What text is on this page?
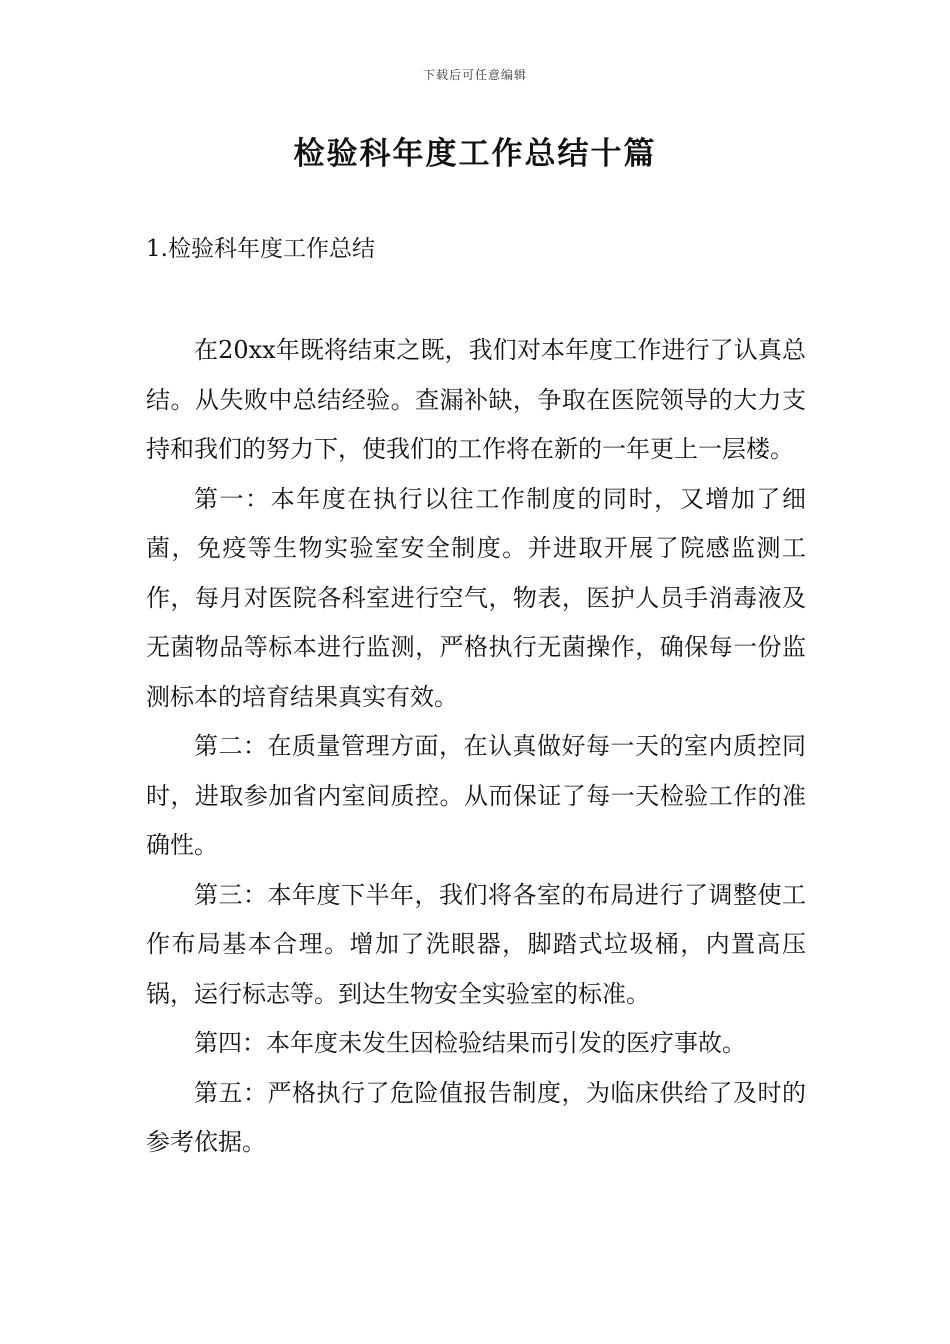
下载后可任意编辑
检验科年度工作总结十篇
1.检验科年度工作总结

在20xx年既将结束之既，我们对本年度工作进行了认真总结。从失败中总结经验。查漏补缺，争取在医院领导的大力支持和我们的努力下，使我们的工作将在新的一年更上一层楼。

第一：本年度在执行以往工作制度的同时，又增加了细菌，免疫等生物实验室安全制度。并进取开展了院感监测工作，每月对医院各科室进行空气，物表，医护人员手消毒液及无菌物品等标本进行监测，严格执行无菌操作，确保每一份监测标本的培育结果真实有效。

第二：在质量管理方面，在认真做好每一天的室内质控同时，进取参加省内室间质控。从而保证了每一天检验工作的准确性。

第三：本年度下半年，我们将各室的布局进行了调整使工作布局基本合理。增加了洗眼器，脚踏式垃圾桶，内置高压锅，运行标志等。到达生物安全实验室的标准。

第四：本年度未发生因检验结果而引发的医疗事故。

第五：严格执行了危险值报告制度，为临床供给了及时的参考依据。
